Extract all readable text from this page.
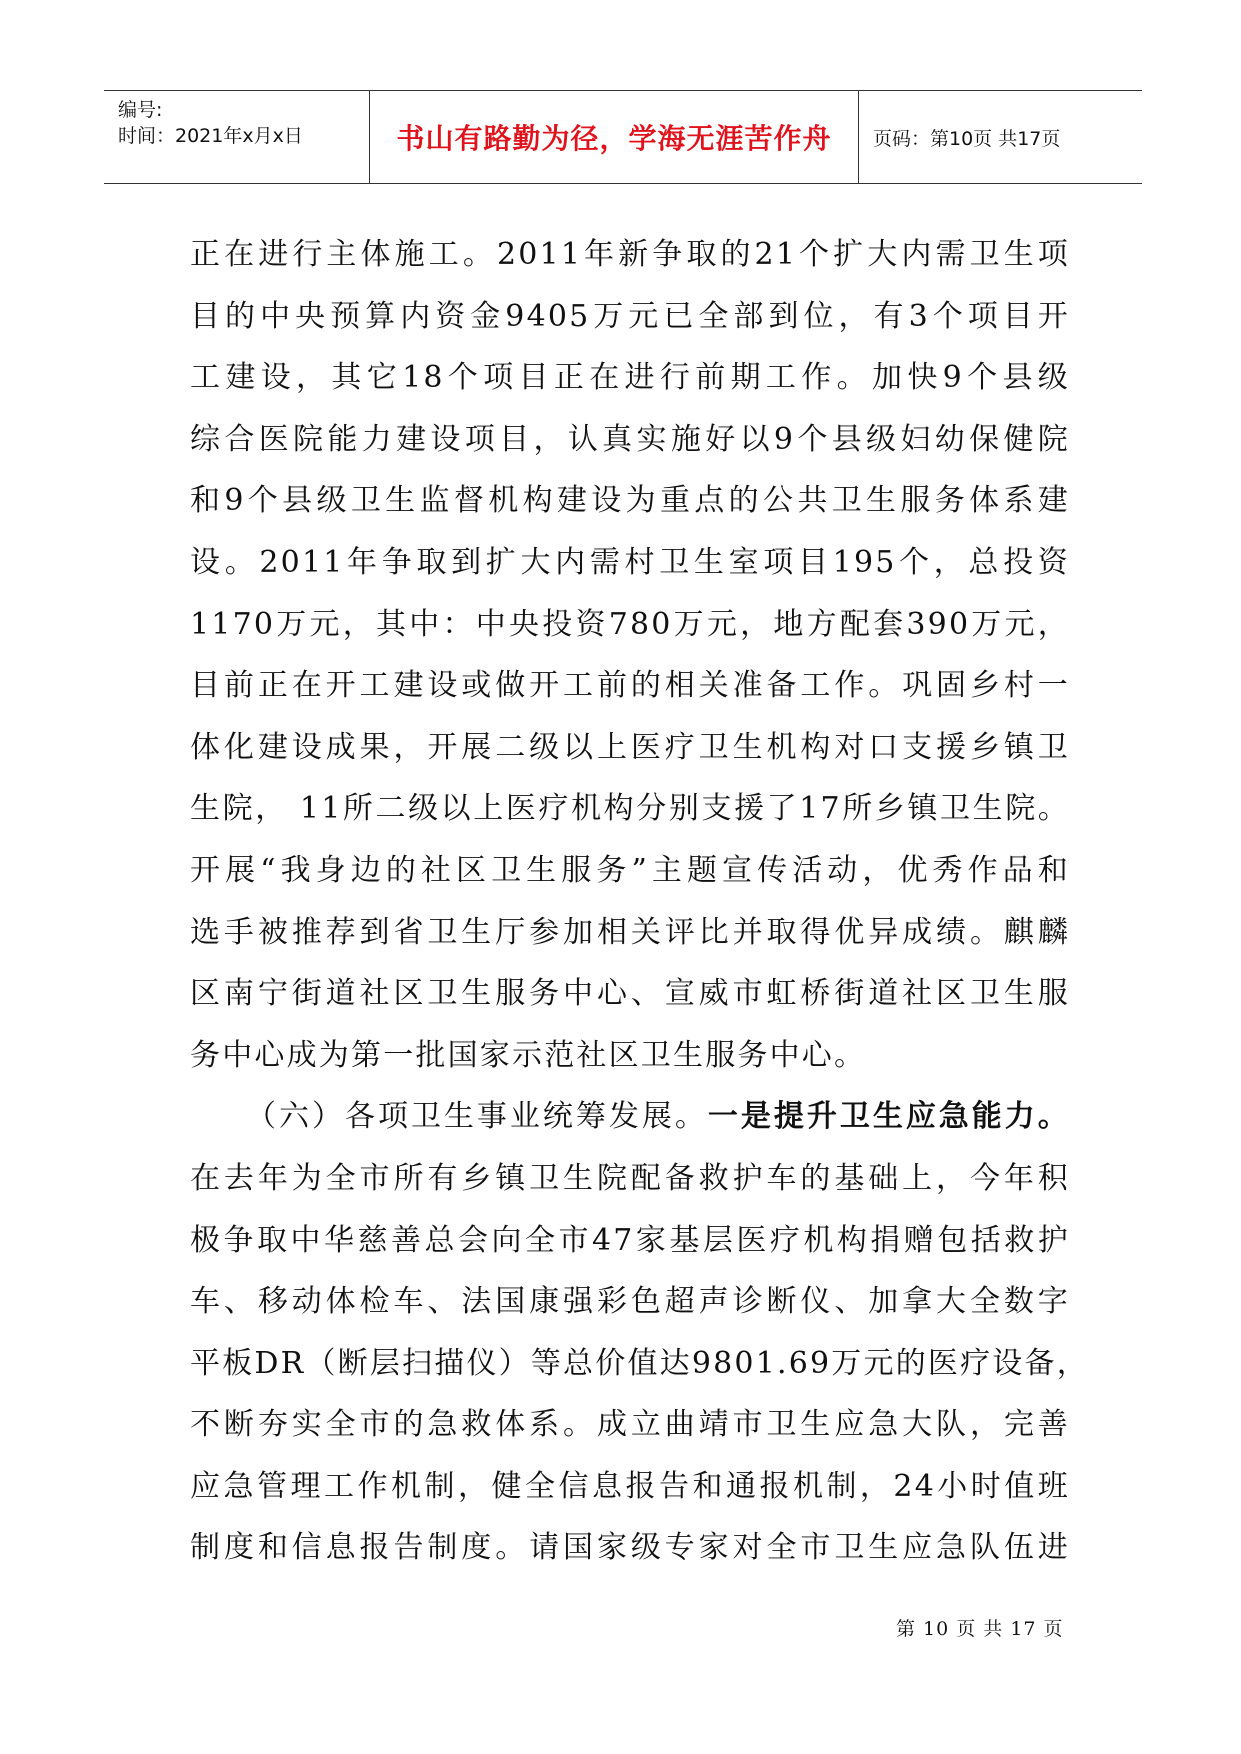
编号:
时间：2021年x月x日	书山有路勤为径，学海无涯苦作舟 页码：第10页 共17页
正在进行主体施工。2011年新争取的21个扩大内需卫生项
目的中央预算内资金9405万元已全部到位，有3个项目开
工建设，其它18个项目正在进行前期工作。加快9个县级
综合医院能力建设项目，认真实施好以9个县级妇幼保健院
和9个县级卫生监督机构建设为重点的公共卫生服务体系建
设。2011年争取到扩大内需村卫生室项目195个，总投资
1170万元，其中：中央投资780万元，地方配套390万元，
目前正在开工建设或做开工前的相关准备工作。巩固乡村一
体化建设成果，开展二级以上医疗卫生机构对口支援乡镇卫
生院， 11所二级以上医疗机构分别支援了17所乡镇卫生院。
开展“我身边的社区卫生服务”主题宣传活动，优秀作品和
选手被推荐到省卫生厅参加相关评比并取得优异成绩。麒麟
区南宁街道社区卫生服务中心、宣威市虹桥街道社区卫生服
务中心成为第一批国家示范社区卫生服务中心。
（六）各项卫生事业统筹发展。一是提升卫生应急能力。
在去年为全市所有乡镇卫生院配备救护车的基础上，今年积
极争取中华慈善总会向全市47家基层医疗机构捐赠包括救护
车、移动体检车、法国康强彩色超声诊断仪、加拿大全数字
平板DR（断层扫描仪）等总价值达9801.69万元的医疗设备，
不断夯实全市的急救体系。成立曲靖市卫生应急大队，完善
应急管理工作机制，健全信息报告和通报机制，24小时值班
制度和信息报告制度。请国家级专家对全市卫生应急队伍进
第 10 页 共 17 页
